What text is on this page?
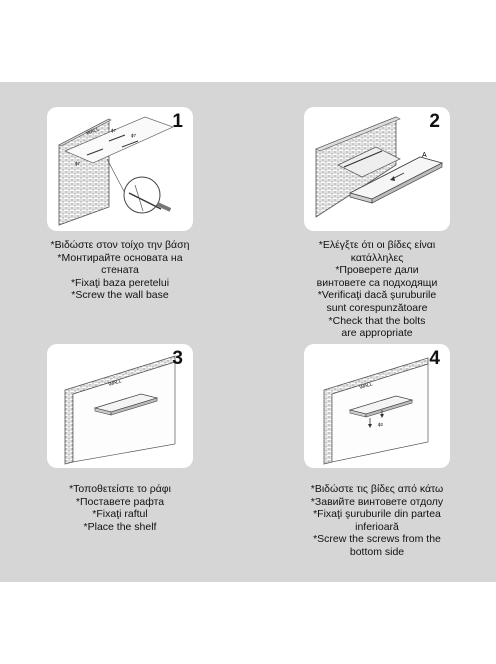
WALL ɸ7
ɸ7
ɸ7
1
*Βιδώστε στον τοίχο την βάση
*Монтирайте основата на
стената
*Fixaţi baza peretelui
*Screw the wall base
A
2
*Ελέγξτε ότι οι βίδες είναι
κατάλληλες
*Проверете дали
винтовете са подходящи
*Verificaţi dacă şuruburile
sunt corespunzătoare
*Check that the bolts
are appropriate
WALL
3
*Τοποθετείστε το ράφι
*Поставете рафта
*Fixaţi raftul
*Place the shelf
WALL
ɸ2
4
*Βιδώστε τις βίδες από κάτω
*Завийте винтовете отдолу
*Fixaţi şuruburile din partea
inferioară
*Screw the screws from the
bottom side
